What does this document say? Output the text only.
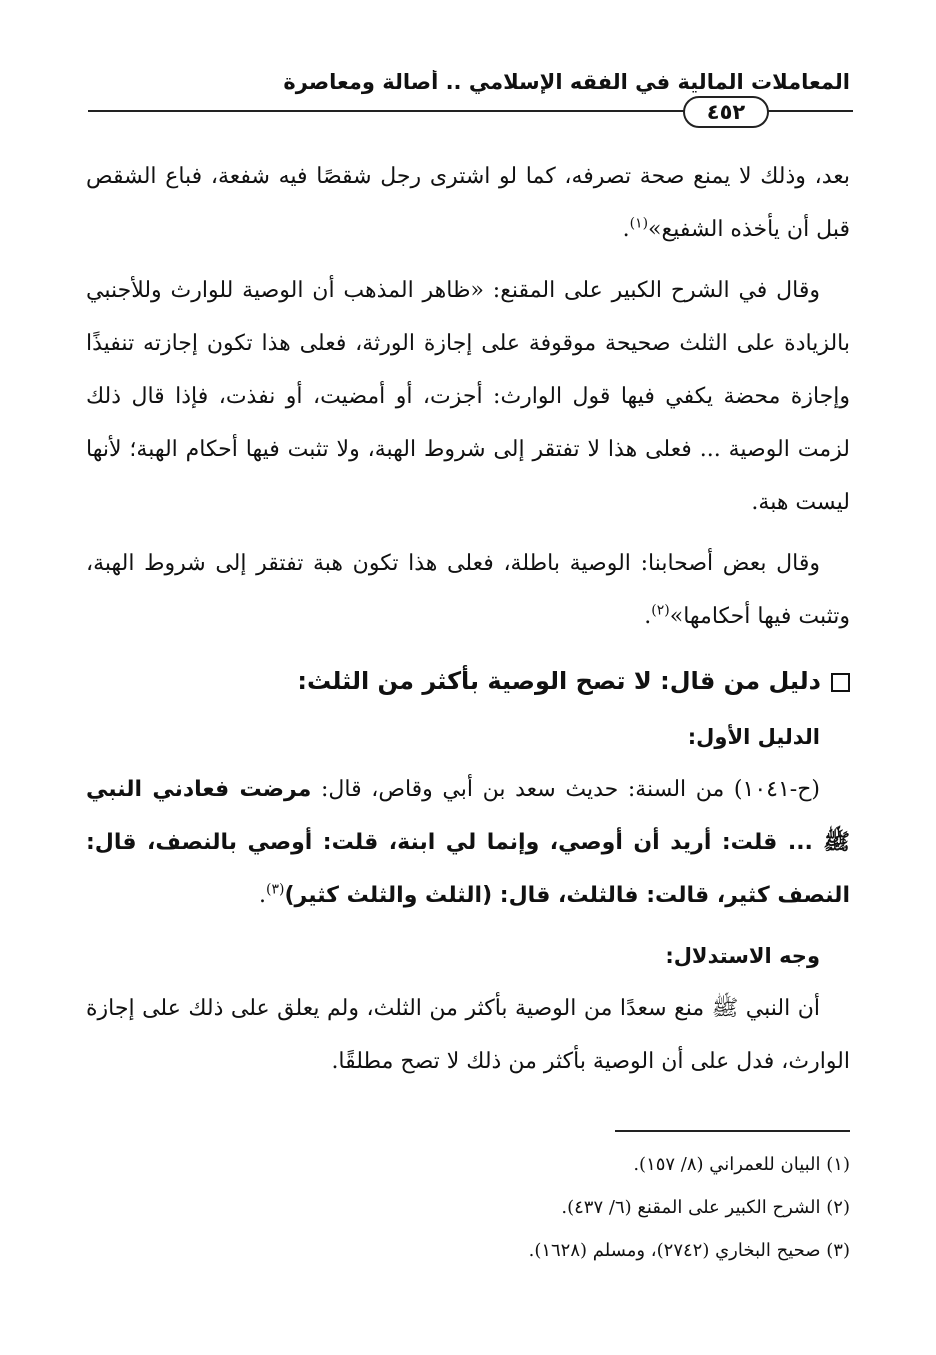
المعاملات المالية في الفقه الإسلامي .. أصالة ومعاصرة
٤٥٢

بعد، وذلك لا يمنع صحة تصرفه، كما لو اشترى رجل شقصًا فيه شفعة، فباع الشقص قبل أن يأخذه الشفيع»$^{(١)}$.

وقال في الشرح الكبير على المقنع: «ظاهر المذهب أن الوصية للوارث وللأجنبي بالزيادة على الثلث صحيحة موقوفة على إجازة الورثة، فعلى هذا تكون إجازته تنفيذًا وإجازة محضة يكفي فيها قول الوارث: أجزت، أو أمضيت، أو نفذت، فإذا قال ذلك لزمت الوصية ... فعلى هذا لا تفتقر إلى شروط الهبة، ولا تثبت فيها أحكام الهبة؛ لأنها ليست هبة.

وقال بعض أصحابنا: الوصية باطلة، فعلى هذا تكون هبة تفتقر إلى شروط الهبة، وتثبت فيها أحكامها»$^{(٢)}$.

دليل من قال: لا تصح الوصية بأكثر من الثلث:

الدليل الأول:

(ح-١٠٤١) من السنة: حديث سعد بن أبي وقاص، قال: مرضت فعادني النبي ﷺ ... قلت: أريد أن أوصي، وإنما لي ابنة، قلت: أوصي بالنصف، قال: النصف كثير، قالت: فالثلث، قال: (الثلث والثلث كثير)$^{(٣)}$.

وجه الاستدلال:

أن النبي ﷺ منع سعدًا من الوصية بأكثر من الثلث، ولم يعلق على ذلك على إجازة الوارث، فدل على أن الوصية بأكثر من ذلك لا تصح مطلقًا.

(١) البيان للعمراني (٨/ ١٥٧).
(٢) الشرح الكبير على المقنع (٦/ ٤٣٧).
(٣) صحيح البخاري (٢٧٤٢)، ومسلم (١٦٢٨).
